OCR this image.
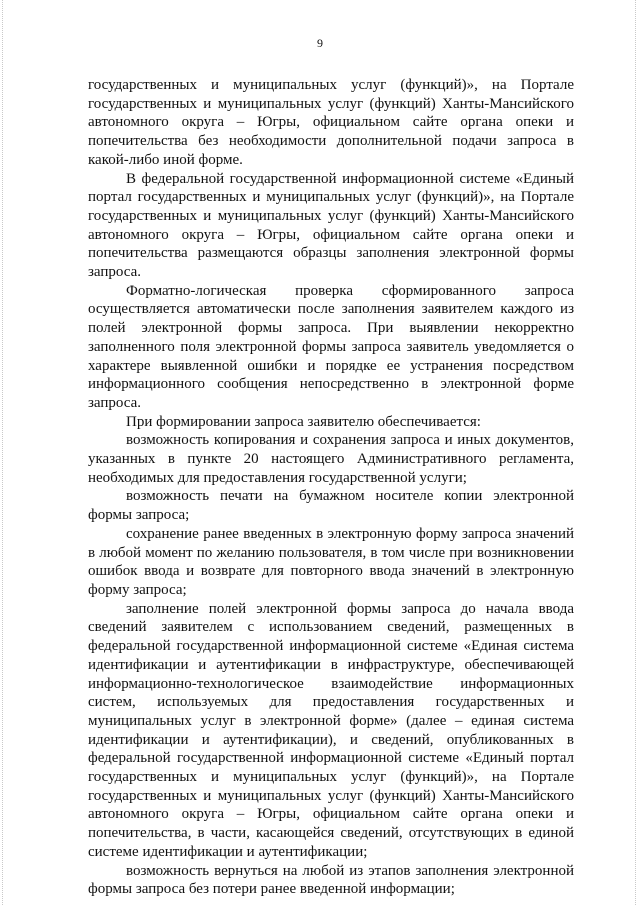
9

государственных и муниципальных услуг (функций)», на Портале государственных и муниципальных услуг (функций) Ханты-Мансийского автономного округа – Югры, официальном сайте органа опеки и попечительства без необходимости дополнительной подачи запроса в какой-либо иной форме.

В федеральной государственной информационной системе «Единый портал государственных и муниципальных услуг (функций)», на Портале государственных и муниципальных услуг (функций) Ханты-Мансийского автономного округа – Югры, официальном сайте органа опеки и попечительства размещаются образцы заполнения электронной формы запроса.

Форматно-логическая проверка сформированного запроса осуществляется автоматически после заполнения заявителем каждого из полей электронной формы запроса. При выявлении некорректно заполненного поля электронной формы запроса заявитель уведомляется о характере выявленной ошибки и порядке ее устранения посредством информационного сообщения непосредственно в электронной форме запроса.

При формировании запроса заявителю обеспечивается:

возможность копирования и сохранения запроса и иных документов, указанных в пункте 20 настоящего Административного регламента, необходимых для предоставления государственной услуги;

возможность печати на бумажном носителе копии электронной формы запроса;

сохранение ранее введенных в электронную форму запроса значений в любой момент по желанию пользователя, в том числе при возникновении ошибок ввода и возврате для повторного ввода значений в электронную форму запроса;

заполнение полей электронной формы запроса до начала ввода сведений заявителем с использованием сведений, размещенных в федеральной государственной информационной системе «Единая система идентификации и аутентификации в инфраструктуре, обеспечивающей информационно-технологическое взаимодействие информационных систем, используемых для предоставления государственных и муниципальных услуг в электронной форме» (далее – единая система идентификации и аутентификации), и сведений, опубликованных в федеральной государственной информационной системе «Единый портал государственных и муниципальных услуг (функций)», на Портале государственных и муниципальных услуг (функций) Ханты-Мансийского автономного округа – Югры, официальном сайте органа опеки и попечительства, в части, касающейся сведений, отсутствующих в единой системе идентификации и аутентификации;

возможность вернуться на любой из этапов заполнения электронной формы запроса без потери ранее введенной информации;
